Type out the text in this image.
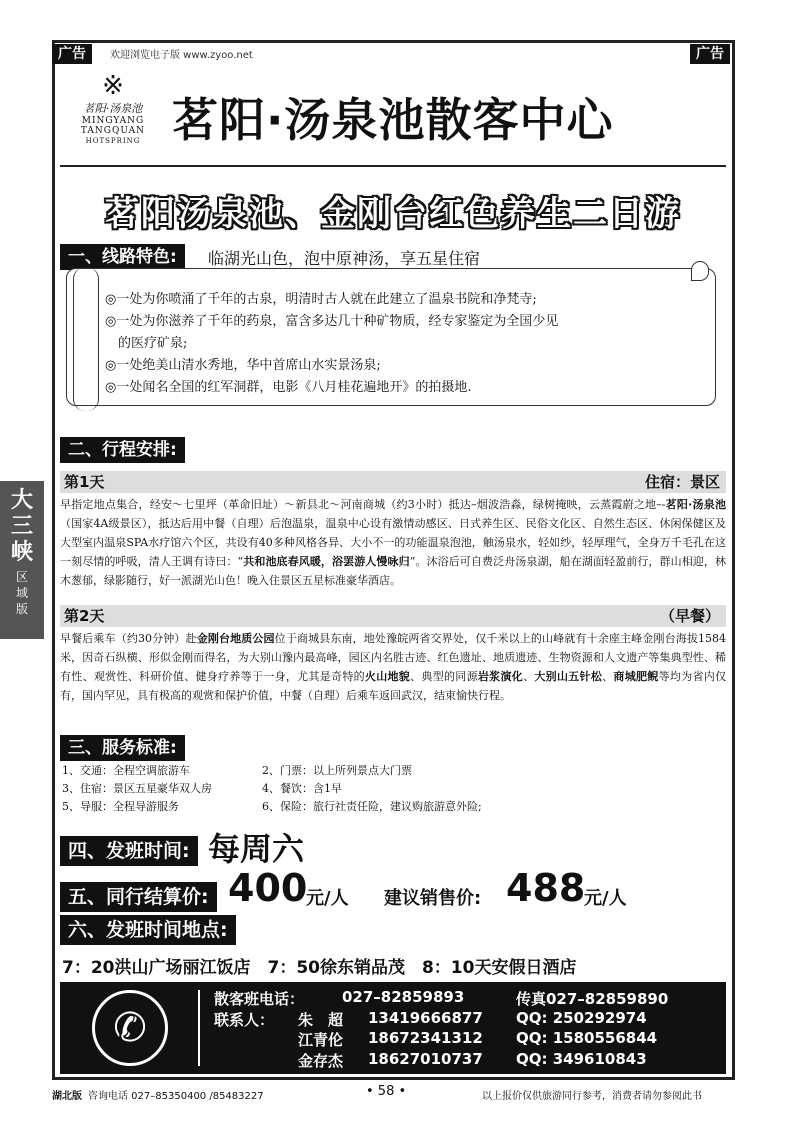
广告	欢迎浏览电子版 www.zyoo.net	广告
※
茗阳·汤泉池
MINGYANG
TANGQUAN
HOTSPRING 茗阳·汤泉池散客中心
茗阳汤泉池、金刚台红色养生二日游
一、线路特色:	临湖光山色，泡中原神汤，享五星住宿
◎一处为你喷涌了千年的古泉，明清时古人就在此建立了温泉书院和净梵寺;
◎一处为你滋养了千年的药泉，富含多达几十种矿物质，经专家鉴定为全国少见
　的医疗矿泉;
◎一处绝美山清水秀地，华中首席山水实景汤泉;
◎一处闻名全国的红军洞群，电影《八月桂花遍地开》的拍摄地.
二、行程安排:
第1天	住宿：景区
早指定地点集合，经安～七里坪（革命旧址）～新县北～河南商城（约3小时）抵达–烟波浩淼，绿树掩映，云蒸霞蔚之地–-茗阳·汤泉池（国家4A级景区），抵达后用中餐（自理）后泡温泉，温泉中心设有激情动感区、日式养生区、民俗文化区、自然生态区、休闲保健区及大型室内温泉SPA水疗馆六个区，共设有40多种风格各异、大小不一的功能温泉泡池，触汤泉水，轻如纱，轻厚理气，全身万千毛孔在这一刻尽情的呼吸，清人王调有诗曰：“共和池底春风暖，浴罢游人慢咏归”。沐浴后可自费泛舟汤泉湖，船在湖面轻盈前行，群山相迎，林木葱郁，绿影随行，好一派湖光山色！晚入住景区五星标准豪华酒店。
第2天	（早餐）
早餐后乘车（约30分钟）赴金刚台地质公园位于商城县东南，地处豫皖两省交界处，仅千米以上的山峰就有十余座主峰金刚台海拔1584米，因奇石纵横、形似金刚而得名，为大别山豫内最高峰，园区内名胜古迹、红色遗址、地质遗迹、生物资源和人文遗产等集典型性、稀有性、观赏性、科研价值、健身疗养等于一身，尤其是奇特的火山地貌、典型的同源岩浆演化、大别山五针松、商城肥鲵等均为省内仅有，国内罕见，具有极高的观赏和保护价值，中餐（自理）后乘车返回武汉，结束愉快行程。
大三峡
区域版
三、服务标准:
1、交通：全程空调旅游车	2、门票：以上所列景点大门票
3、住宿：景区五星豪华双人房	4、餐饮：含1早
5、导服：全程导游服务	6、保险：旅行社责任险，建议购旅游意外险;
四、发班时间: 每周六
五、同行结算价: 400
元/人 建议销售价: 488
元/人
六、发班时间地点:
7：20洪山广场丽江饭店　7：50徐东销品茂　8：10天安假日酒店
✆
散客班电话：	027–82859893	传真027–82859890
联系人： 朱　超 13419666877 QQ: 250292974
江青伦 18672341312 QQ: 1580556844
金存杰 18627010737 QQ: 349610843
湖北版 咨询电话 027–85350400 /85483227	• 58 •	以上报价仅供旅游同行参考，消费者请勿参阅此书
